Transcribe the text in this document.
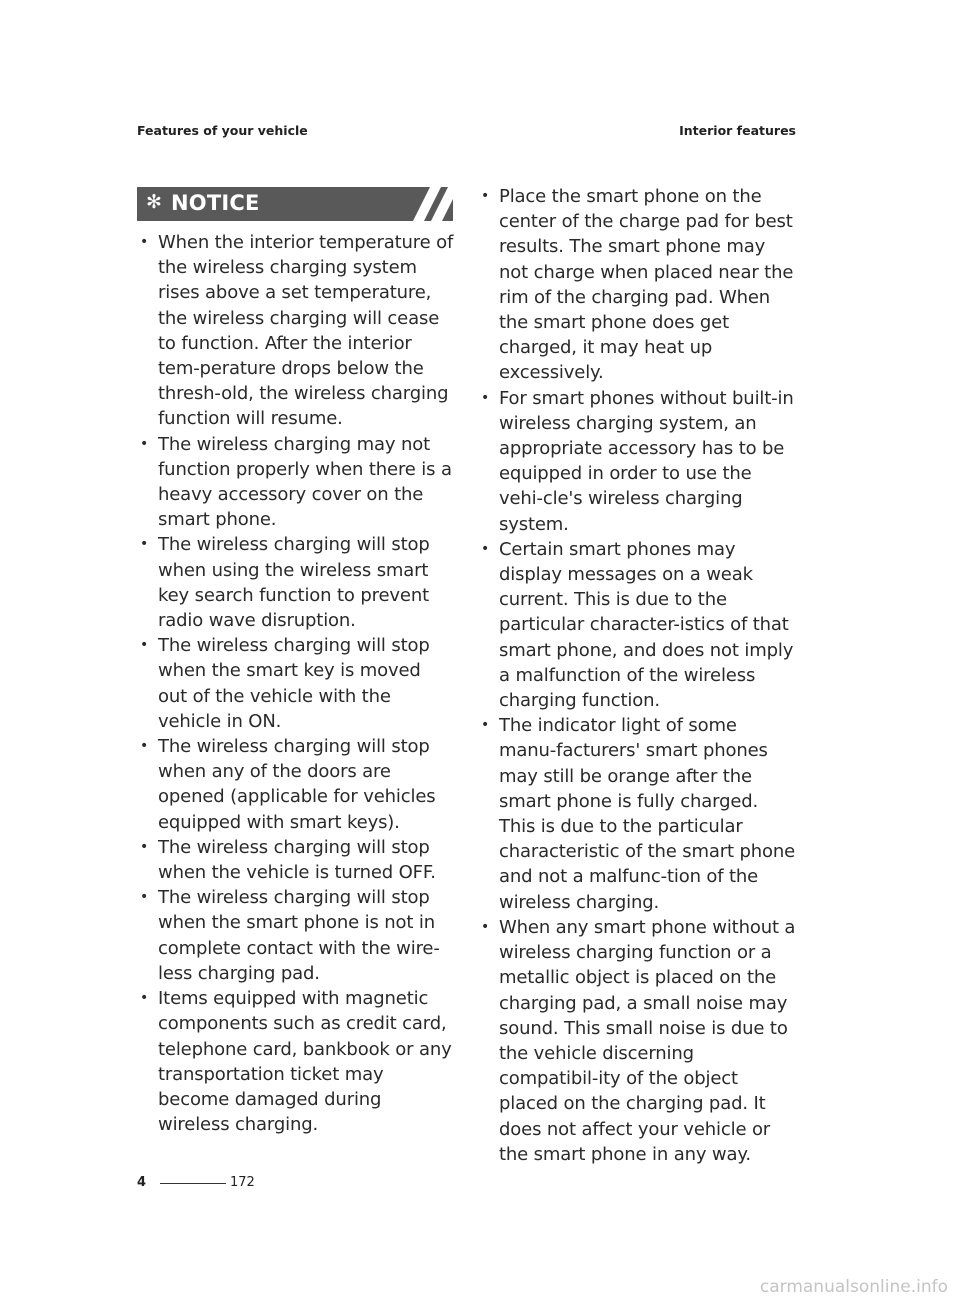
Features of your vehicle	Interior features
✻ NOTICE
• When the interior temperature of the wireless charging system rises above a set temperature, the wireless charging will cease to function. After the interior tem-perature drops below the thresh-old, the wireless charging function will resume.
• The wireless charging may not function properly when there is a heavy accessory cover on the smart phone.
• The wireless charging will stop when using the wireless smart key search function to prevent radio wave disruption.
• The wireless charging will stop when the smart key is moved out of the vehicle with the vehicle in ON.
• The wireless charging will stop when any of the doors are opened (applicable for vehicles equipped with smart keys).
• The wireless charging will stop when the vehicle is turned OFF.
• The wireless charging will stop when the smart phone is not in complete contact with the wire-less charging pad.
• Items equipped with magnetic components such as credit card, telephone card, bankbook or any transportation ticket may become damaged during wireless charging.
• Place the smart phone on the center of the charge pad for best results. The smart phone may not charge when placed near the rim of the charging pad. When the smart phone does get charged, it may heat up excessively.
• For smart phones without built-in wireless charging system, an appropriate accessory has to be equipped in order to use the vehi-cle's wireless charging system.
• Certain smart phones may display messages on a weak current. This is due to the particular character-istics of that smart phone, and does not imply a malfunction of the wireless charging function.
• The indicator light of some manu-facturers' smart phones may still be orange after the smart phone is fully charged. This is due to the particular characteristic of the smart phone and not a malfunc-tion of the wireless charging.
• When any smart phone without a wireless charging function or a metallic object is placed on the charging pad, a small noise may sound. This small noise is due to the vehicle discerning compatibil-ity of the object placed on the charging pad. It does not affect your vehicle or the smart phone in any way.
4	172
carmanualsonline.info
